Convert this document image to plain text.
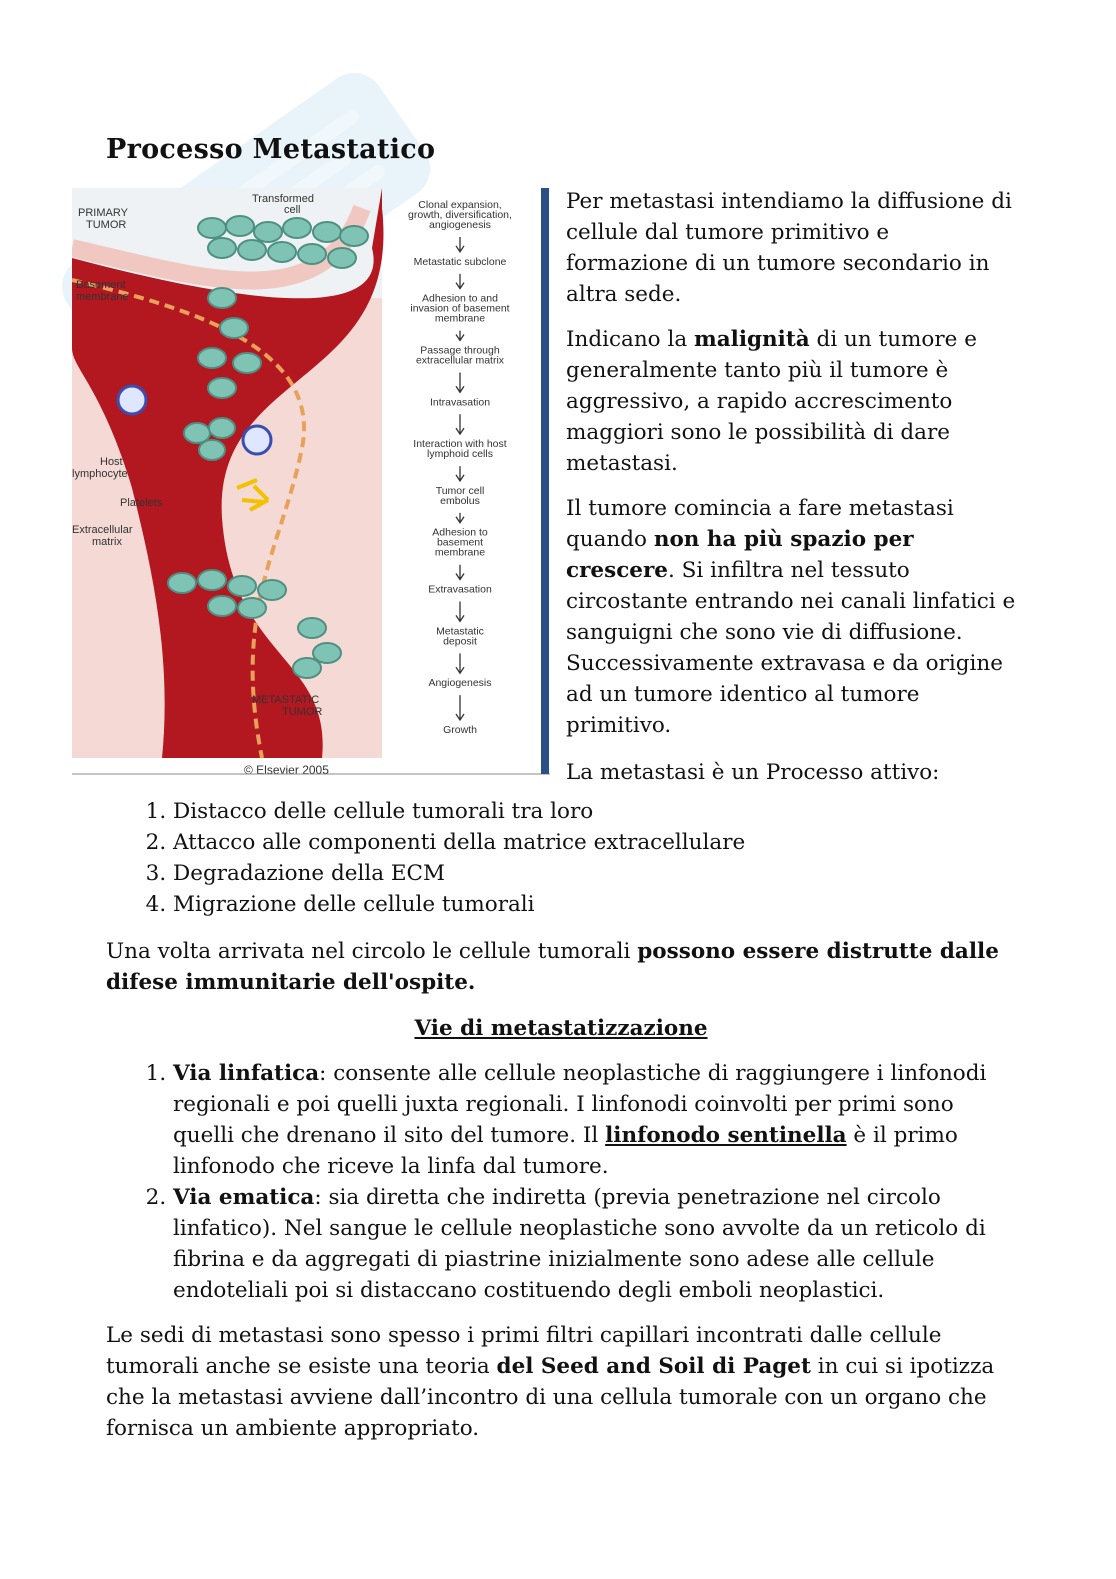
Processo Metastatico
PRIMARY
TUMOR
Transformed
cell
Basement
membrane
Host
lymphocyte
Platelets
Extracellular
matrix
METASTATIC
TUMOR
© Elsevier 2005
Clonal expansion,
growth, diversification,
angiogenesis
Metastatic subclone
Adhesion to and
invasion of basement
membrane
Passage through
extracellular matrix
Intravasation
Interaction with host
lymphoid cells
Tumor cell
embolus
Adhesion to
basement
membrane
Extravasation
Metastatic
deposit
Angiogenesis
Growth

Per metastasi intendiamo la diffusione di cellule dal tumore primitivo e formazione di un tumore secondario in altra sede.

Indicano la malignità di un tumore e generalmente tanto più il tumore è aggressivo, a rapido accrescimento maggiori sono le possibilità di dare metastasi.

Il tumore comincia a fare metastasi quando non ha più spazio per crescere. Si infiltra nel tessuto circostante entrando nei canali linfatici e sanguigni che sono vie di diffusione. Successivamente extravasa e da origine ad un tumore identico al tumore primitivo.

La metastasi è un Processo attivo:

1. Distacco delle cellule tumorali tra loro
2. Attacco alle componenti della matrice extracellulare
3. Degradazione della ECM
4. Migrazione delle cellule tumorali

Una volta arrivata nel circolo le cellule tumorali possono essere distrutte dalle difese immunitarie dell'ospite.

Vie di metastatizzazione

1. Via linfatica: consente alle cellule neoplastiche di raggiungere i linfonodi regionali e poi quelli juxta regionali. I linfonodi coinvolti per primi sono quelli che drenano il sito del tumore. Il linfonodo sentinella è il primo linfonodo che riceve la linfa dal tumore.
2. Via ematica: sia diretta che indiretta (previa penetrazione nel circolo linfatico). Nel sangue le cellule neoplastiche sono avvolte da un reticolo di fibrina e da aggregati di piastrine inizialmente sono adese alle cellule endoteliali poi si distaccano costituendo degli emboli neoplastici.

Le sedi di metastasi sono spesso i primi filtri capillari incontrati dalle cellule tumorali anche se esiste una teoria del Seed and Soil di Paget in cui si ipotizza che la metastasi avviene dall’incontro di una cellula tumorale con un organo che fornisca un ambiente appropriato.
